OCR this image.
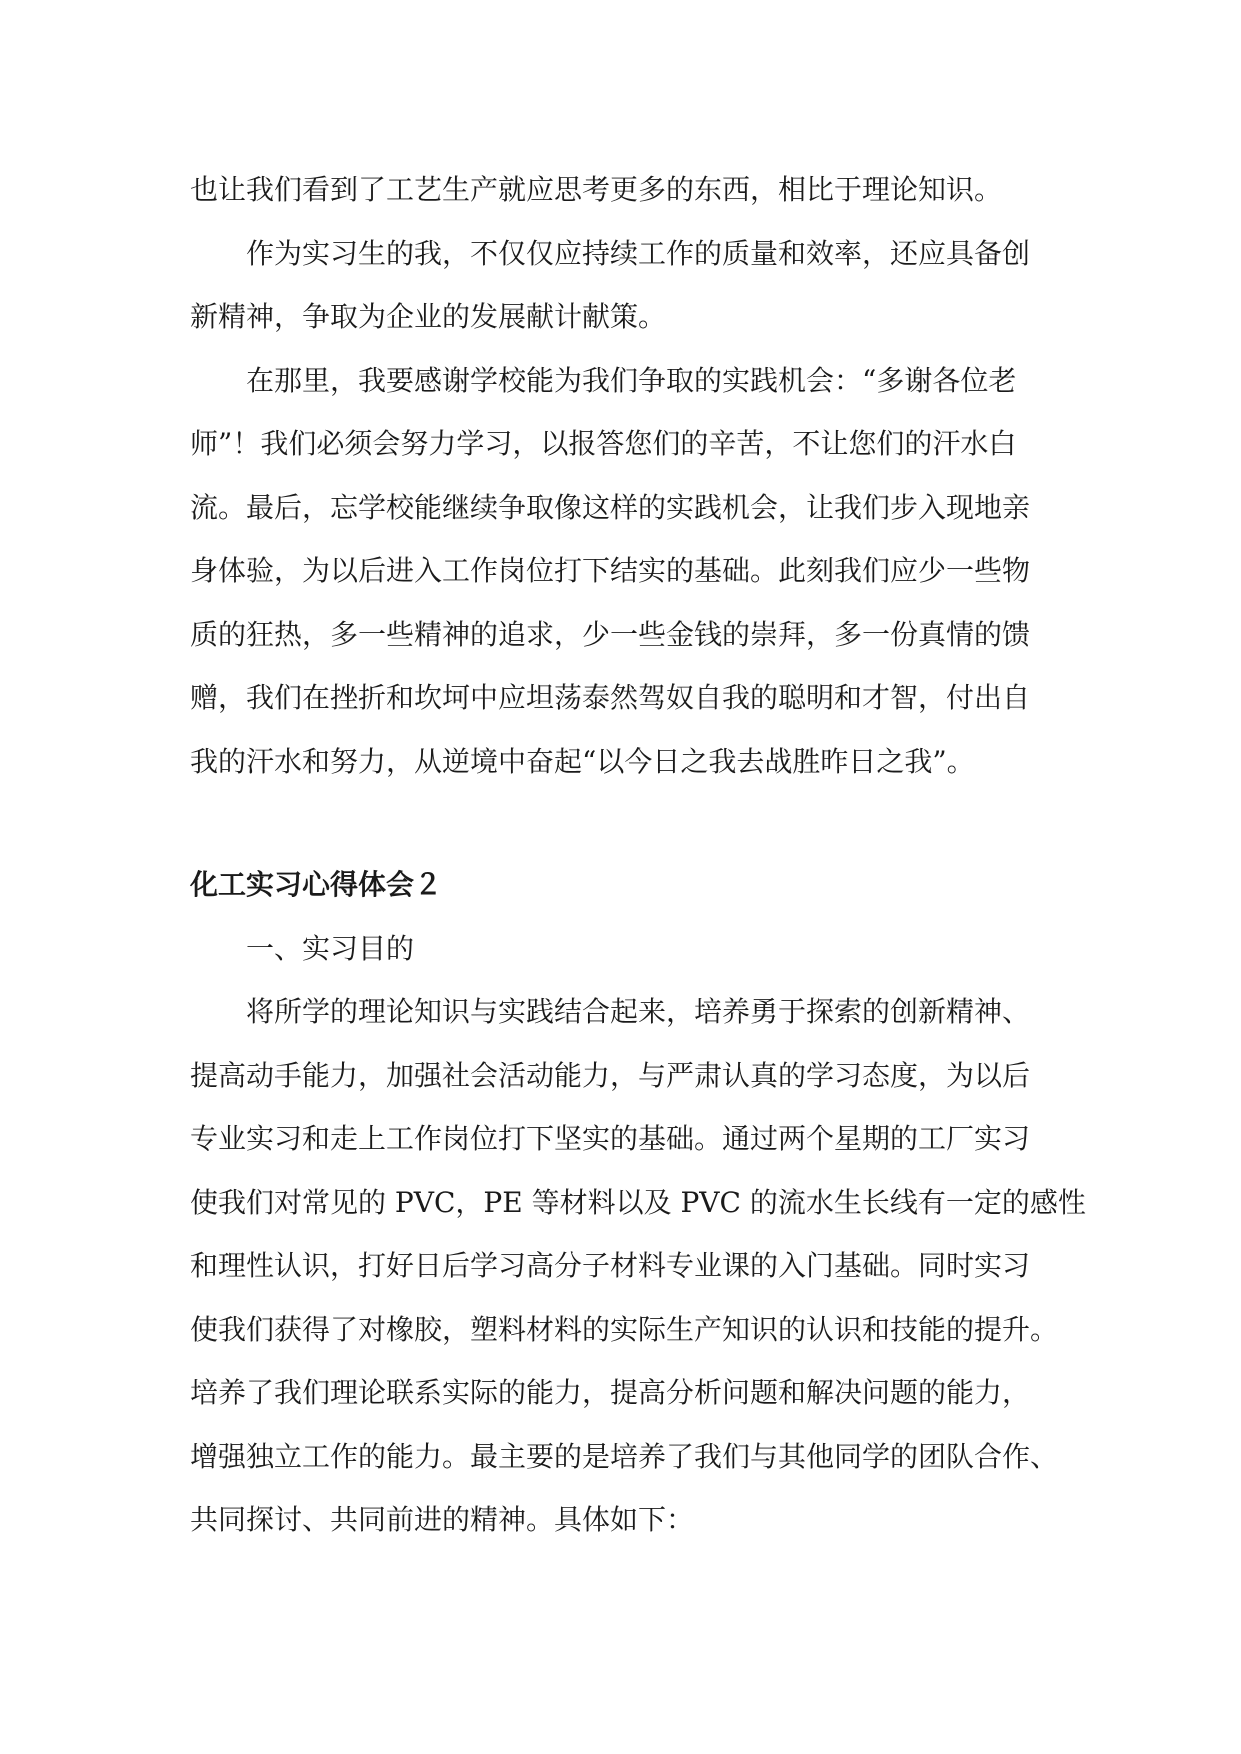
也让我们看到了工艺生产就应思考更多的东西，相比于理论知识。

作为实习生的我，不仅仅应持续工作的质量和效率，还应具备创

新精神，争取为企业的发展献计献策。

在那里，我要感谢学校能为我们争取的实践机会：“多谢各位老

师”！我们必须会努力学习，以报答您们的辛苦，不让您们的汗水白

流。最后，忘学校能继续争取像这样的实践机会，让我们步入现地亲

身体验，为以后进入工作岗位打下结实的基础。此刻我们应少一些物

质的狂热，多一些精神的追求，少一些金钱的崇拜，多一份真情的馈

赠，我们在挫折和坎坷中应坦荡泰然驾奴自我的聪明和才智，付出自

我的汗水和努力，从逆境中奋起“以今日之我去战胜昨日之我”。

化工实习心得体会２

一、实习目的

将所学的理论知识与实践结合起来，培养勇于探索的创新精神、

提高动手能力，加强社会活动能力，与严肃认真的学习态度，为以后

专业实习和走上工作岗位打下坚实的基础。通过两个星期的工厂实习

使我们对常见的 PVC，PE 等材料以及 PVC 的流水生长线有一定的感性

和理性认识，打好日后学习高分子材料专业课的入门基础。同时实习

使我们获得了对橡胶，塑料材料的实际生产知识的认识和技能的提升。

培养了我们理论联系实际的能力，提高分析问题和解决问题的能力，

增强独立工作的能力。最主要的是培养了我们与其他同学的团队合作、

共同探讨、共同前进的精神。具体如下：
